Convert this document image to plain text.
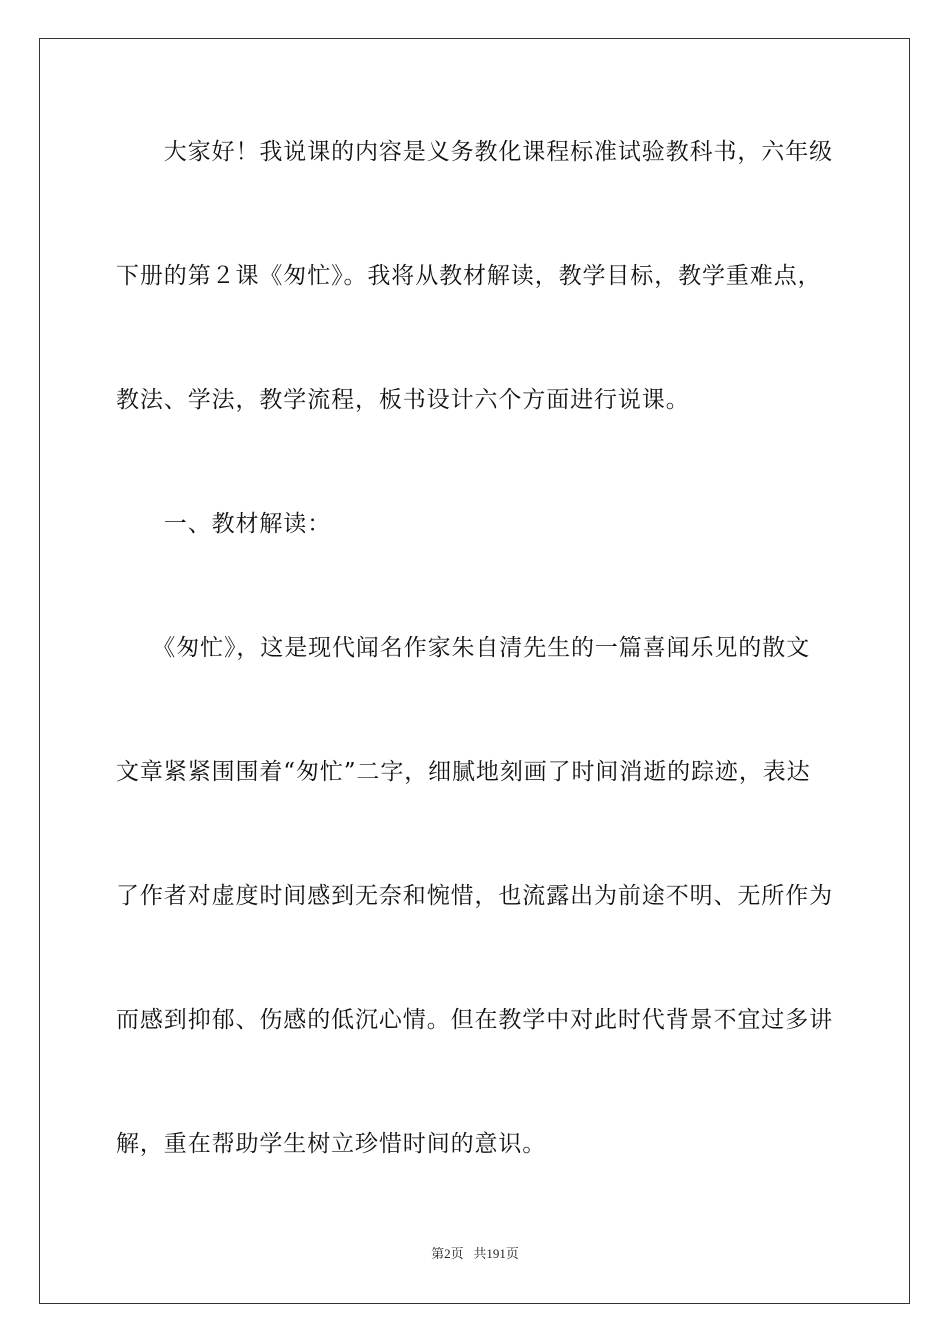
　　大家好！我说课的内容是义务教化课程标准试验教科书，六年级
下册的第２课《匆忙》。我将从教材解读，教学目标，教学重难点，
教法、学法，教学流程，板书设计六个方面进行说课。
　　一、教材解读：
　　《匆忙》，这是现代闻名作家朱自清先生的一篇喜闻乐见的散文
文章紧紧围围着“匆忙”二字，细腻地刻画了时间消逝的踪迹，表达
了作者对虚度时间感到无奈和惋惜，也流露出为前途不明、无所作为
而感到抑郁、伤感的低沉心情。但在教学中对此时代背景不宜过多讲
解，重在帮助学生树立珍惜时间的意识。
第2页 共191页
